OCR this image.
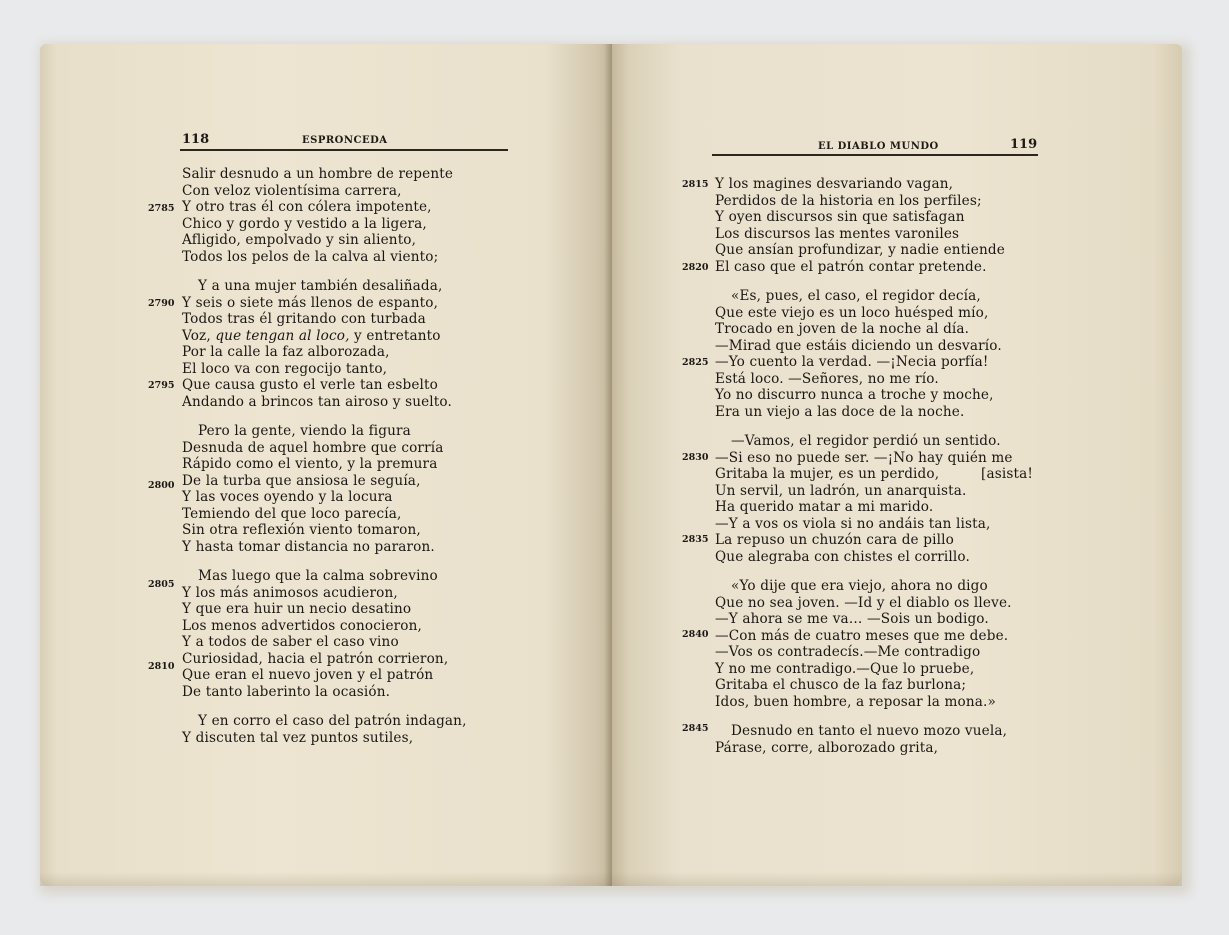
118	ESPRONCEDA
2785
2790
2795
2800
2805
2810
Salir desnudo a un hombre de repente
Con veloz violentísima carrera,
Y otro tras él con cólera impotente,
Chico y gordo y vestido a la ligera,
Afligido, empolvado y sin aliento,
Todos los pelos de la calva al viento;
Y a una mujer también desaliñada,
Y seis o siete más llenos de espanto,
Todos tras él gritando con turbada
Voz, que tengan al loco, y entretanto
Por la calle la faz alborozada,
El loco va con regocijo tanto,
Que causa gusto el verle tan esbelto
Andando a brincos tan airoso y suelto.
Pero la gente, viendo la figura
Desnuda de aquel hombre que corría
Rápido como el viento, y la premura
De la turba que ansiosa le seguía,
Y las voces oyendo y la locura
Temiendo del que loco parecía,
Sin otra reflexión viento tomaron,
Y hasta tomar distancia no pararon.
Mas luego que la calma sobrevino
Y los más animosos acudieron,
Y que era huir un necio desatino
Los menos advertidos conocieron,
Y a todos de saber el caso vino
Curiosidad, hacia el patrón corrieron,
Que eran el nuevo joven y el patrón
De tanto laberinto la ocasión.
Y en corro el caso del patrón indagan,
Y discuten tal vez puntos sutiles,
EL DIABLO MUNDO	119
2815
2820
2825
2830
2835
2840
2845
Y los magines desvariando vagan,
Perdidos de la historia en los perfiles;
Y oyen discursos sin que satisfagan
Los discursos las mentes varoniles
Que ansían profundizar, y nadie entiende
El caso que el patrón contar pretende.
«Es, pues, el caso, el regidor decía,
Que este viejo es un loco huésped mío,
Trocado en joven de la noche al día.
—Mirad que estáis diciendo un desvarío.
—Yo cuento la verdad. —¡Necia porfía!
Está loco. —Señores, no me río.
Yo no discurro nunca a troche y moche,
Era un viejo a las doce de la noche.
—Vamos, el regidor perdió un sentido.
—Si eso no puede ser. —¡No hay quién me
Gritaba la mujer, es un perdido,	[asista!
Un servil, un ladrón, un anarquista.
Ha querido matar a mi marido.
—Y a vos os viola si no andáis tan lista,
La repuso un chuzón cara de pillo
Que alegraba con chistes el corrillo.
«Yo dije que era viejo, ahora no digo
Que no sea joven. —Id y el diablo os lleve.
—Y ahora se me va… —Sois un bodigo.
—Con más de cuatro meses que me debe.
—Vos os contradecís.—Me contradigo
Y no me contradigo.—Que lo pruebe,
Gritaba el chusco de la faz burlona;
Idos, buen hombre, a reposar la mona.»
Desnudo en tanto el nuevo mozo vuela,
Párase, corre, alborozado grita,
